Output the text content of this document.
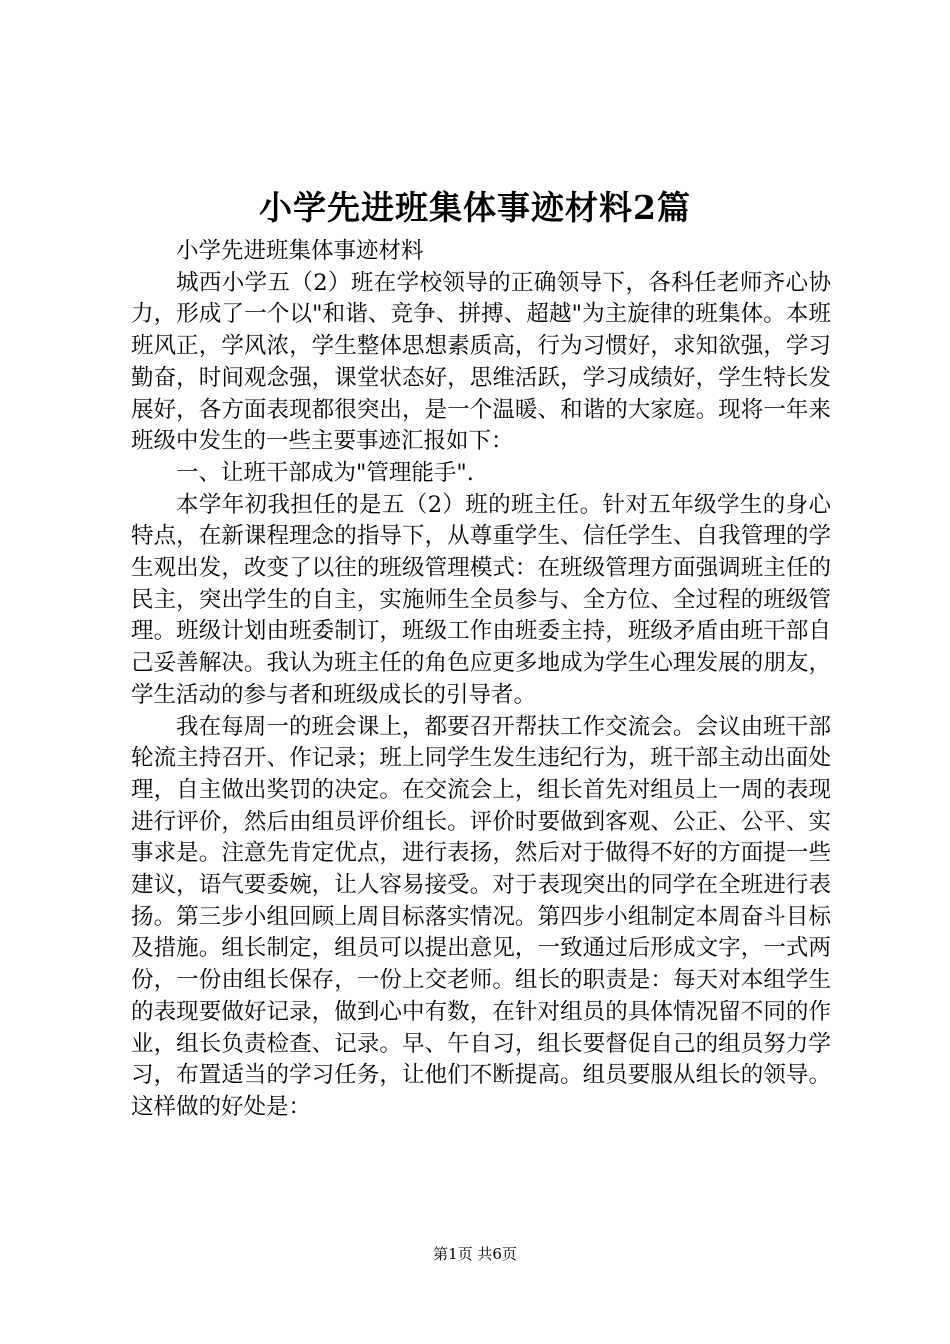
小学先进班集体事迹材料2篇

小学先进班集体事迹材料

城西小学五（2）班在学校领导的正确领导下，各科任老师齐心协力，形成了一个以"和谐、竞争、拼搏、超越"为主旋律的班集体。本班班风正，学风浓，学生整体思想素质高，行为习惯好，求知欲强，学习勤奋，时间观念强，课堂状态好，思维活跃，学习成绩好，学生特长发展好，各方面表现都很突出，是一个温暖、和谐的大家庭。现将一年来班级中发生的一些主要事迹汇报如下：

一、让班干部成为"管理能手".

本学年初我担任的是五（2）班的班主任。针对五年级学生的身心特点，在新课程理念的指导下，从尊重学生、信任学生、自我管理的学生观出发，改变了以往的班级管理模式：在班级管理方面强调班主任的民主，突出学生的自主，实施师生全员参与、全方位、全过程的班级管理。班级计划由班委制订，班级工作由班委主持，班级矛盾由班干部自己妥善解决。我认为班主任的角色应更多地成为学生心理发展的朋友，学生活动的参与者和班级成长的引导者。

我在每周一的班会课上，都要召开帮扶工作交流会。会议由班干部轮流主持召开、作记录；班上同学生发生违纪行为，班干部主动出面处理，自主做出奖罚的决定。在交流会上，组长首先对组员上一周的表现进行评价，然后由组员评价组长。评价时要做到客观、公正、公平、实事求是。注意先肯定优点，进行表扬，然后对于做得不好的方面提一些建议，语气要委婉，让人容易接受。对于表现突出的同学在全班进行表扬。第三步小组回顾上周目标落实情况。第四步小组制定本周奋斗目标及措施。组长制定，组员可以提出意见，一致通过后形成文字，一式两份，一份由组长保存，一份上交老师。组长的职责是：每天对本组学生的表现要做好记录，做到心中有数，在针对组员的具体情况留不同的作业，组长负责检查、记录。早、午自习，组长要督促自己的组员努力学习，布置适当的学习任务，让他们不断提高。组员要服从组长的领导。这样做的好处是：

第1页 共6页
